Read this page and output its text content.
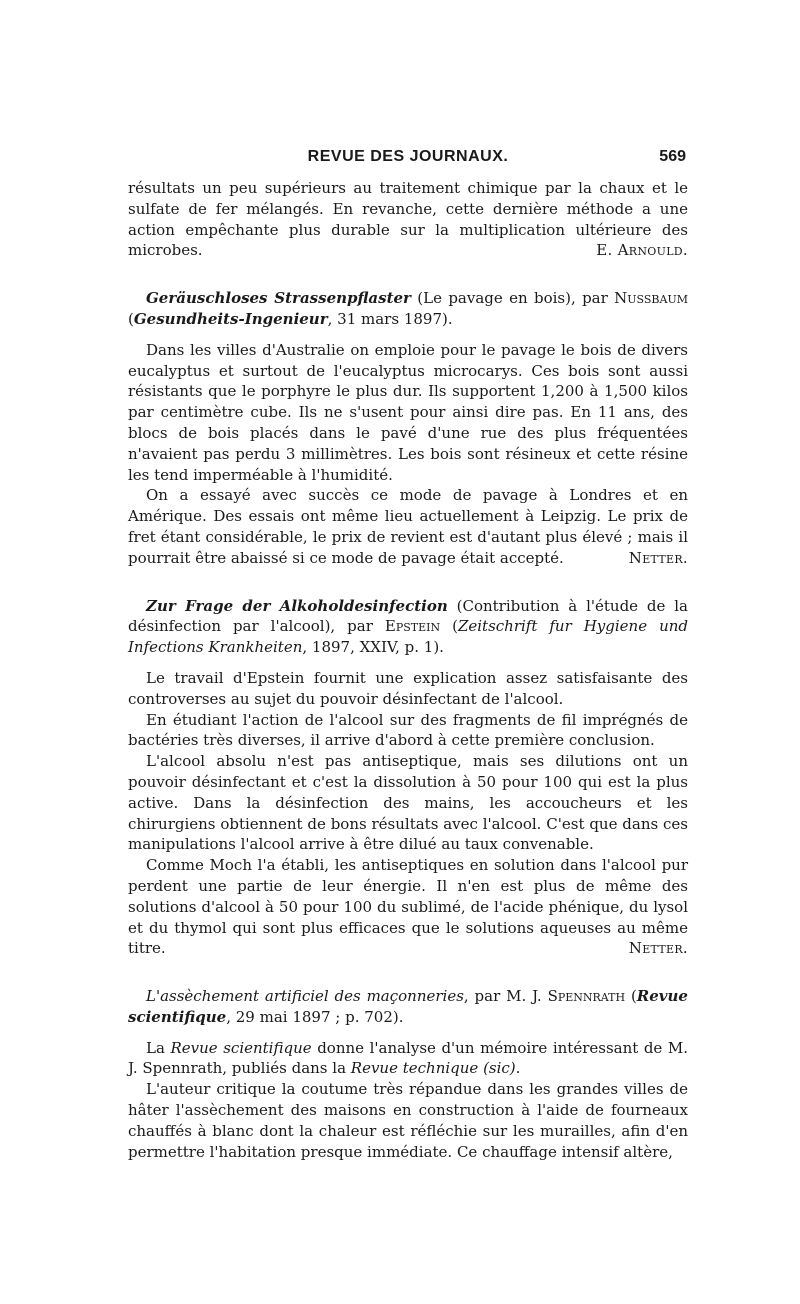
REVUE DES JOURNAUX.	569

résultats un peu supérieurs au traitement chimique par la chaux et le sulfate de fer mélangés. En revanche, cette dernière méthode a une action empêchante plus durable sur la multiplication ultérieure des microbes.	E. Arnould.

Geräuschloses Strassenpflaster (Le pavage en bois), par Nussbaum (Gesundheits-Ingenieur, 31 mars 1897).

Dans les villes d'Australie on emploie pour le pavage le bois de divers eucalyptus et surtout de l'eucalyptus microcarys. Ces bois sont aussi résistants que le porphyre le plus dur. Ils supportent 1,200 à 1,500 kilos par centimètre cube. Ils ne s'usent pour ainsi dire pas. En 11 ans, des blocs de bois placés dans le pavé d'une rue des plus fréquentées n'avaient pas perdu 3 millimètres. Les bois sont résineux et cette résine les tend imperméable à l'humidité.

On a essayé avec succès ce mode de pavage à Londres et en Amérique. Des essais ont même lieu actuellement à Leipzig. Le prix de fret étant considérable, le prix de revient est d'autant plus élevé ; mais il pourrait être abaissé si ce mode de pavage était accepté.	Netter.

Zur Frage der Alkoholdesinfection (Contribution à l'étude de la désinfection par l'alcool), par Epstein (Zeitschrift fur Hygiene und Infections Krankheiten, 1897, XXIV, p. 1).

Le travail d'Epstein fournit une explication assez satisfaisante des controverses au sujet du pouvoir désinfectant de l'alcool.

En étudiant l'action de l'alcool sur des fragments de fil imprégnés de bactéries très diverses, il arrive d'abord à cette première conclusion.

L'alcool absolu n'est pas antiseptique, mais ses dilutions ont un pouvoir désinfectant et c'est la dissolution à 50 pour 100 qui est la plus active. Dans la désinfection des mains, les accoucheurs et les chirurgiens obtiennent de bons résultats avec l'alcool. C'est que dans ces manipulations l'alcool arrive à être dilué au taux convenable.

Comme Moch l'a établi, les antiseptiques en solution dans l'alcool pur perdent une partie de leur énergie. Il n'en est plus de même des solutions d'alcool à 50 pour 100 du sublimé, de l'acide phénique, du lysol et du thymol qui sont plus efficaces que le solutions aqueuses au même titre.	Netter.

L'assèchement artificiel des maçonneries, par M. J. Spennrath (Revue scientifique, 29 mai 1897 ; p. 702).

La Revue scientifique donne l'analyse d'un mémoire intéressant de M. J. Spennrath, publiés dans la Revue technique (sic).

L'auteur critique la coutume très répandue dans les grandes villes de hâter l'assèchement des maisons en construction à l'aide de fourneaux chauffés à blanc dont la chaleur est réfléchie sur les murailles, afin d'en permettre l'habitation presque immédiate. Ce chauffage intensif altère,
